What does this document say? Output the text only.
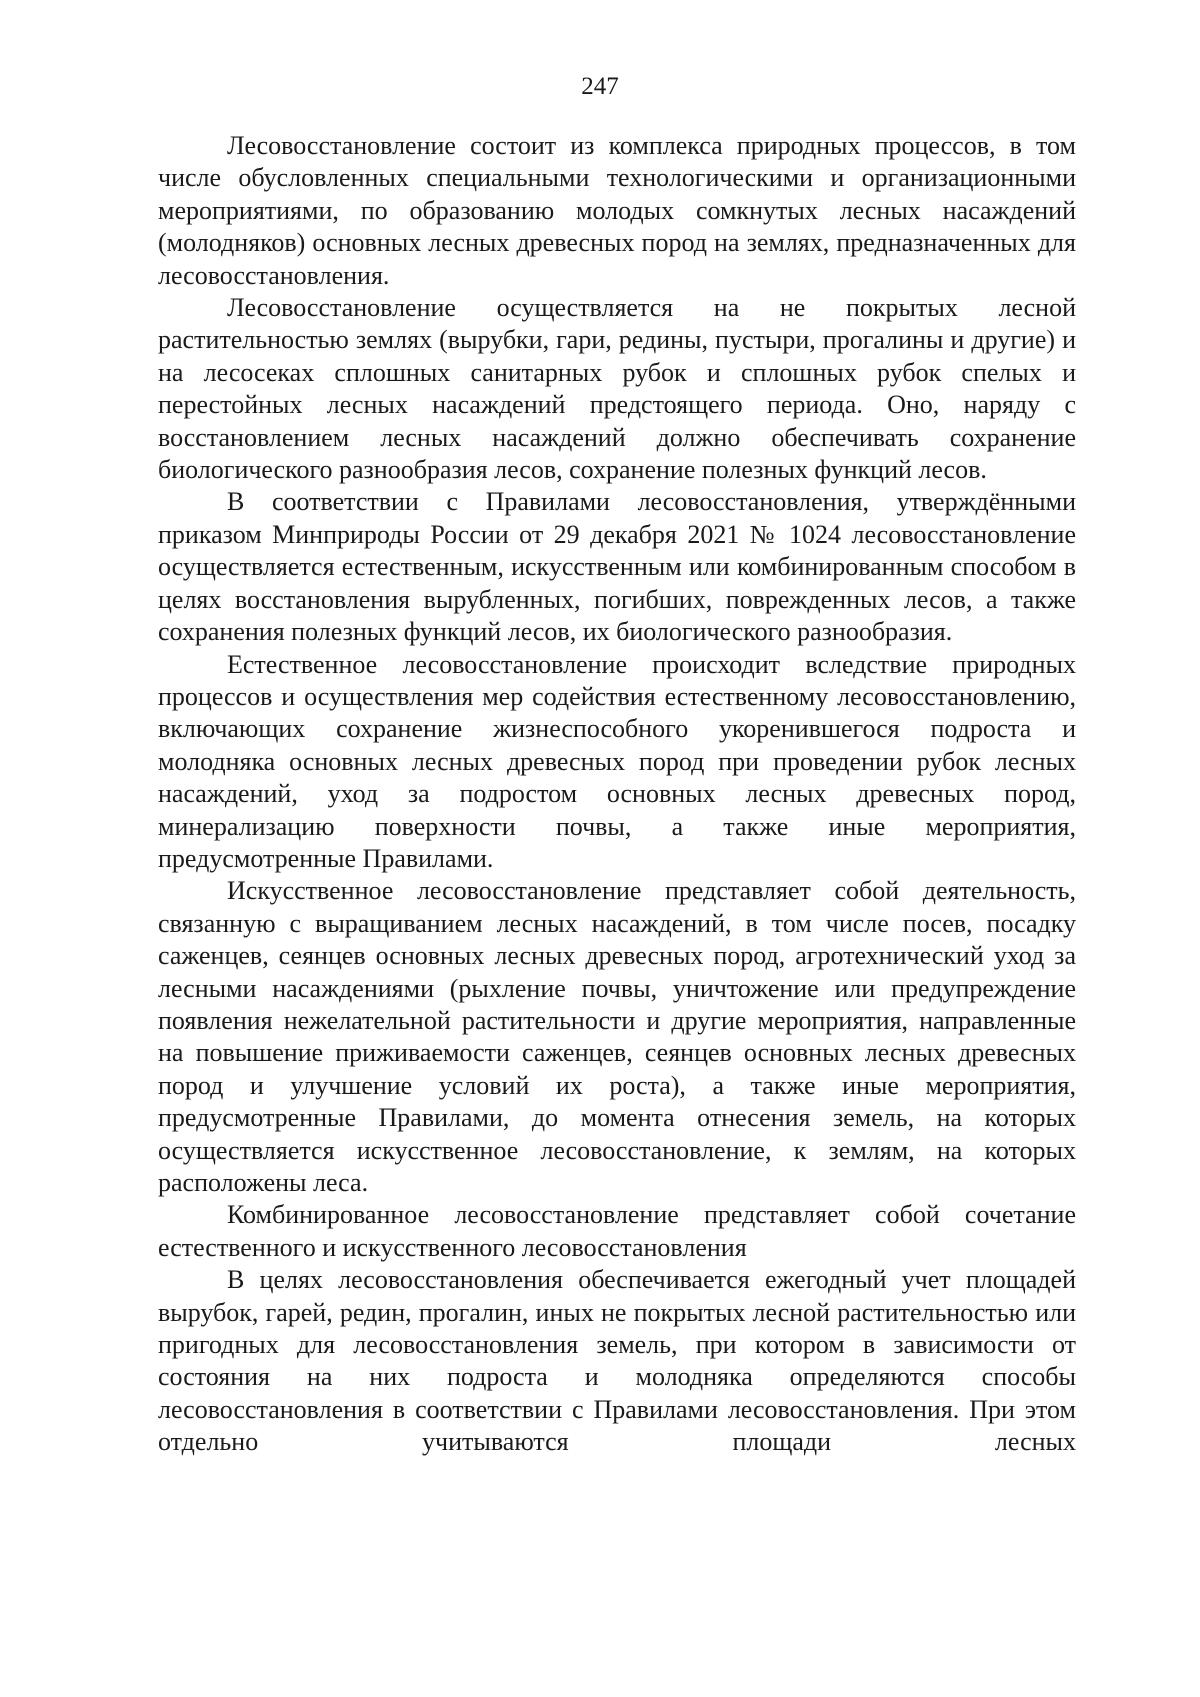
247

Лесовосстановление состоит из комплекса природных процессов, в том числе обусловленных специальными технологическими и организационными мероприятиями, по образованию молодых сомкнутых лесных насаждений (молодняков) основных лесных древесных пород на землях, предназначенных для лесовосстановления.

Лесовосстановление осуществляется на не покрытых лесной растительностью землях (вырубки, гари, редины, пустыри, прогалины и другие) и на лесосеках сплошных санитарных рубок и сплошных рубок спелых и перестойных лесных насаждений предстоящего периода. Оно, наряду с восстановлением лесных насаждений должно обеспечивать сохранение биологического разнообразия лесов, сохранение полезных функций лесов.

В соответствии с Правилами лесовосстановления, утверждёнными приказом Минприроды России от 29 декабря 2021 № 1024 лесовосстановление осуществляется естественным, искусственным или комбинированным способом в целях восстановления вырубленных, погибших, поврежденных лесов, а также сохранения полезных функций лесов, их биологического разнообразия.

Естественное лесовосстановление происходит вследствие природных процессов и осуществления мер содействия естественному лесовосстановлению, включающих сохранение жизнеспособного укоренившегося подроста и молодняка основных лесных древесных пород при проведении рубок лесных насаждений, уход за подростом основных лесных древесных пород, минерализацию поверхности почвы, а также иные мероприятия, предусмотренные Правилами.

Искусственное лесовосстановление представляет собой деятельность, связанную с выращиванием лесных насаждений, в том числе посев, посадку саженцев, сеянцев основных лесных древесных пород, агротехнический уход за лесными насаждениями (рыхление почвы, уничтожение или предупреждение появления нежелательной растительности и другие мероприятия, направленные на повышение приживаемости саженцев, сеянцев основных лесных древесных пород и улучшение условий их роста), а также иные мероприятия, предусмотренные Правилами, до момента отнесения земель, на которых осуществляется искусственное лесовосстановление, к землям, на которых расположены леса.

Комбинированное лесовосстановление представляет собой сочетание естественного и искусственного лесовосстановления

В целях лесовосстановления обеспечивается ежегодный учет площадей вырубок, гарей, редин, прогалин, иных не покрытых лесной растительностью или пригодных для лесовосстановления земель, при котором в зависимости от состояния на них подроста и молодняка определяются способы лесовосстановления в соответствии с Правилами лесовосстановления. При этом отдельно учитываются площади лесных
